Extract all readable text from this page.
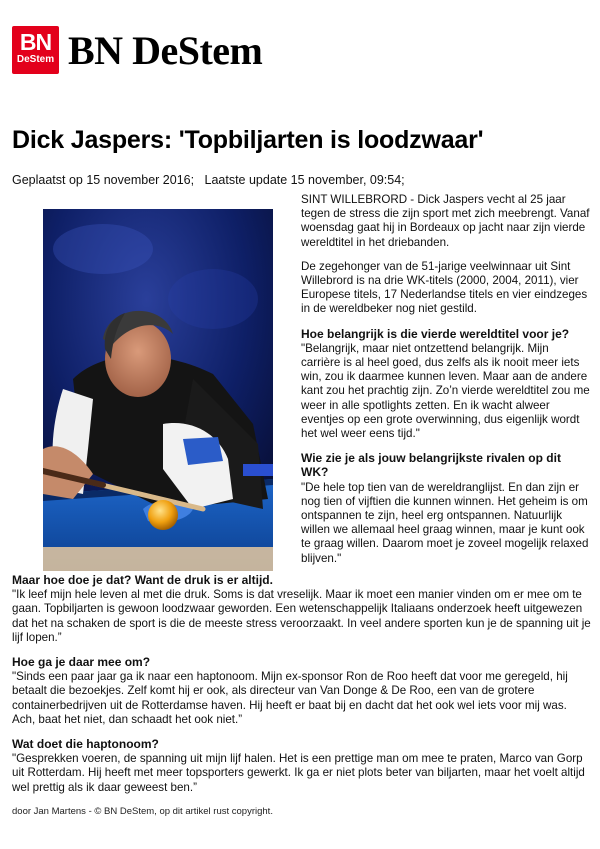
BN
DeStem BN DeStem
Dick Jaspers: 'Topbiljarten is loodzwaar'
Geplaatst op 15 november 2016; Laatste update 15 november, 09:54;

SINT WILLEBRORD - Dick Jaspers vecht al 25 jaar tegen de stress die zijn sport met zich meebrengt. Vanaf woensdag gaat hij in Bordeaux op jacht naar zijn vierde wereldtitel in het driebanden.

De zegehonger van de 51-jarige veelwinnaar uit Sint Willebrord is na drie WK-titels (2000, 2004, 2011), vier Europese titels, 17 Nederlandse titels en vier eindzeges in de wereldbeker nog niet gestild.

Hoe belangrijk is die vierde wereldtitel voor je?

"Belangrijk, maar niet ontzettend belangrijk. Mijn carrière is al heel goed, dus zelfs als ik nooit meer iets win, zou ik daarmee kunnen leven. Maar aan de andere kant zou het prachtig zijn. Zo’n vierde wereldtitel zou me weer in alle spotlights zetten. En ik wacht alweer eventjes op een grote overwinning, dus eigenlijk wordt het wel weer eens tijd."

Wie zie je als jouw belangrijkste rivalen op dit WK?

"De hele top tien van de wereldranglijst. En dan zijn er nog tien of vijftien die kunnen winnen. Het geheim is om ontspannen te zijn, heel erg ontspannen. Natuurlijk willen we allemaal heel graag winnen, maar je kunt ook te graag willen. Daarom moet je zoveel mogelijk relaxed blijven."

Maar hoe doe je dat? Want de druk is er altijd.

"Ik leef mijn hele leven al met die druk. Soms is dat vreselijk. Maar ik moet een manier vinden om er mee om te gaan. Topbiljarten is gewoon loodzwaar geworden. Een wetenschappelijk Italiaans onderzoek heeft uitgewezen dat het na schaken de sport is die de meeste stress veroorzaakt. In veel andere sporten kun je de spanning uit je lijf lopen.”

Hoe ga je daar mee om?

"Sinds een paar jaar ga ik naar een haptonoom. Mijn ex-sponsor Ron de Roo heeft dat voor me geregeld, hij betaalt die bezoekjes. Zelf komt hij er ook, als directeur van Van Donge & De Roo, een van de grotere containerbedrijven uit de Rotterdamse haven. Hij heeft er baat bij en dacht dat het ook wel iets voor mij was. Ach, baat het niet, dan schaadt het ook niet.”

Wat doet die haptonoom?

"Gesprekken voeren, de spanning uit mijn lijf halen. Het is een prettige man om mee te praten, Marco van Gorp uit Rotterdam. Hij heeft met meer topsporters gewerkt. Ik ga er niet plots beter van biljarten, maar het voelt altijd wel prettig als ik daar geweest ben.”

door Jan Martens - © BN DeStem, op dit artikel rust copyright.
